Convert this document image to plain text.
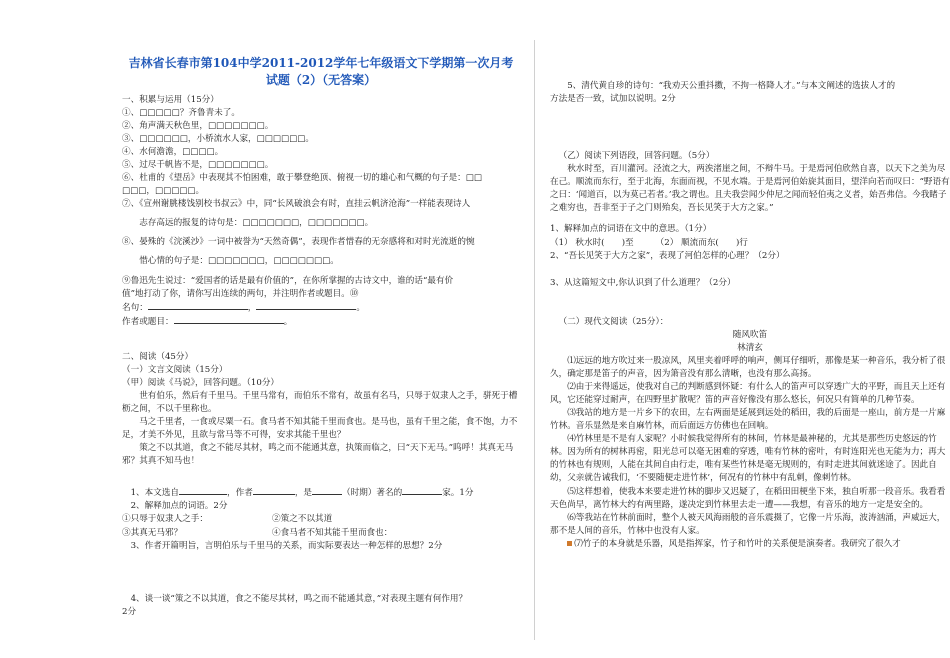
吉林省长春市第104中学2011-2012学年七年级语文下学期第一次月考
试题（2）（无答案）

一、积累与运用（15分）

①、□□□□□？齐鲁青未了。

②、角声满天秋色里，□□□□□□□。

③、□□□□□□，小桥流水人家，□□□□□□。

④、水何澹澹，□□□□。

⑤、过尽千帆皆不是，□□□□□□□。

⑥、杜甫的《望岳》中表现其不怕困难，敢于攀登绝顶、俯视一切的雄心和气概的句子是：□□

□□□，□□□□□。

⑦、《宣州谢朓楼饯别校书叔云》中，同“长风破浪会有时，直挂云帆济沧海”一样能表现诗人

志存高远的报复的诗句是：□□□□□□□，□□□□□□□。

⑧、晏殊的《浣溪沙》一词中被誉为“天然奇偶”，表现作者惜春的无奈感将和对时光流逝的惋

惜心情的句子是：□□□□□□□，□□□□□□□。

⑨鲁迅先生说过：“爱国者的话是最有价值的”，在你所掌握的古诗文中，谁的话“最有价

值”地打动了你，请你写出连续的两句，并注明作者或题目。⑩

名句：	，	。

作者或题目：	。

二、阅读（45分）

（一）文言文阅读（15分）

（甲）阅读《马说》，回答问题。（10分）

世有伯乐，然后有千里马。千里马常有，而伯乐不常有，故虽有名马，只辱于奴隶人之手，骈死于槽枥之间，不以千里称也。

马之千里者，一食或尽粟一石。食马者不知其能千里而食也。是马也，虽有千里之能，食不饱，力不足，才美不外见，且欲与常马等不可得，安求其能千里也？

策之不以其道，食之不能尽其材，鸣之而不能通其意，执策而临之，曰“天下无马。”呜呼！其真无马邪？其真不知马也！

1、本文选自	，作者	，是	（时期）著名的	家。1分

2、解释加点的词语。2分

①只辱于奴隶人之手：	②策之不以其道
③其真无马邪？	④食马者不知其能千里而食也：

3、作者开篇明旨，言明伯乐与千里马的关系，而实际要表达一种怎样的思想？2分

4、谈一谈“策之不以其道，食之不能尽其材，鸣之而不能通其意，”对表现主题有何作用？

2分

5、清代黄自珍的诗句：“我劝天公重抖擞，不拘一格降人才。”与本文阐述的选拔人才的

方法是否一致，试加以说明。2分

（乙）阅读下列语段，回答问题。（5分）

秋水时至，百川灌河。泾流之大，两涘渚崖之间，不辩牛马。于是焉河伯欣然自喜，以天下之美为尽在己。顺流而东行，至于北海，东面而视，不见水端。于是焉河伯始旋其面目，望洋向若而叹曰：“野语有之曰：‘闻道百，以为莫己若者。’我之谓也。且夫我尝闻少仲尼之闻而轻伯夷之义者，始吾弗信。今我睹子之难穷也，吾非至于子之门则殆矣，吾长见笑于大方之家。”

1、解释加点的词语在文中的意思。（1分）

（1） 秋水时(　　)至	（2） 顺流而东(　　)行

2、“吾长见笑于大方之家”，表现了河伯怎样的心理？（2分）

3、从这篇短文中,你认识到了什么道理？（2分）

（二）现代文阅读（25分）：

随风吹笛

林清玄

⑴远远的地方吹过来一股凉风，风里夹着呼呼的响声，侧耳仔细听，那像是某一种音乐，我分析了很久，确定那是笛子的声音，因为箫音没有那么清晰，也没有那么高扬。

⑵由于来得遥远，使我对自己的判断感到怀疑：有什么人的笛声可以穿透广大的平野，而且天上还有风，它还能穿过耐声，在四野里扩散呢？笛的声音好像没有那么悠长，何况只有简单的几种节奏。

⑶我站的地方是一片乡下的农田，左右两面是延展到远处的稻田，我的后面是一座山，前方是一片麻竹林。音乐显然是来自麻竹林，而后面远方仿佛也在回响。

⑷竹林里是不是有人家呢？小时候我觉得所有的林间，竹林是最神秘的，尤其是那些历史悠远的竹林。因为所有的树林再密，阳光总可以毫无困难的穿透，唯有竹林的密叶，有时连阳光也无能为力；再大的竹林也有规则，人能在其间自由行走，唯有某些竹林是毫无规则的，有时走进其间就迷途了。因此自幼，父亲就告诫我们，‘不要随便走进竹林’，何况有的竹林中有乱刺，像刺竹林。

⑸这样想着，使我本来要走进竹林的脚步又迟疑了，在稻田田梗坐下来，独自听那一段音乐。我看看天色尚早，离竹林大约有两里路，遂决定到竹林里去走一遭——我想，有音乐的地方一定是安全的。

⑹等我站在竹林前面时，整个人被天风海雨般的音乐震摄了，它像一片乐海，波涛汹涌，声威远大，那不是人间的音乐，竹林中也没有人家。

⑺竹子的本身就是乐器，风是指挥家，竹子和竹叶的关系便是演奏者。我研究了很久才
